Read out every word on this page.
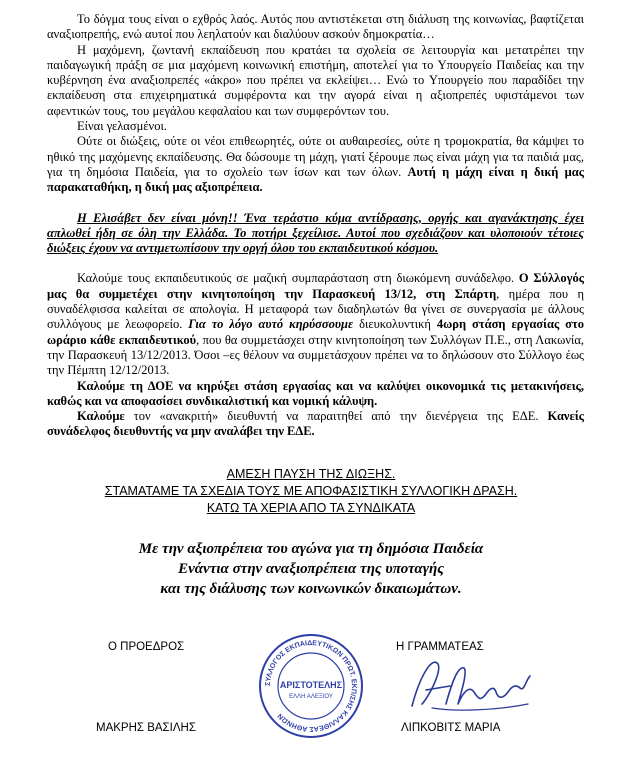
Το δόγμα τους είναι ο εχθρός λαός. Αυτός που αντιστέκεται στη διάλυση της κοινωνίας, βαφτίζεται αναξιοπρεπής, ενώ αυτοί που λεηλατούν και διαλύουν ασκούν δημοκρατία…

Η μαχόμενη, ζωντανή εκπαίδευση που κρατάει τα σχολεία σε λειτουργία και μετατρέπει την παιδαγωγική πράξη σε μια μαχόμενη κοινωνική επιστήμη, αποτελεί για το Υπουργείο Παιδείας και την κυβέρνηση ένα αναξιοπρεπές «άκρο» που πρέπει να εκλείψει… Ενώ το Υπουργείο που παραδίδει την εκπαίδευση στα επιχειρηματικά συμφέροντα και την αγορά είναι η αξιοπρεπές υφιστάμενοι των αφεντικών τους, του μεγάλου κεφαλαίου και των συμφερόντων του.

Είναι γελασμένοι.

Ούτε οι διώξεις, ούτε οι νέοι επιθεωρητές, ούτε οι αυθαιρεσίες, ούτε η τρομοκρατία, θα κάμψει το ηθικό της μαχόμενης εκπαίδευσης. Θα δώσουμε τη μάχη, γιατί ξέρουμε πως είναι μάχη για τα παιδιά μας, για τη δημόσια Παιδεία, για το σχολείο των ίσων και των όλων. Αυτή η μάχη είναι η δική μας παρακαταθήκη, η δική μας αξιοπρέπεια.

Η Ελισάβετ δεν είναι μόνη!! Ένα τεράστιο κύμα αντίδρασης, οργής και αγανάκτησης έχει απλωθεί ήδη σε όλη την Ελλάδα. Το ποτήρι ξεχείλισε. Αυτοί που σχεδιάζουν και υλοποιούν τέτοιες διώξεις έχουν να αντιμετωπίσουν την οργή όλου του εκπαιδευτικού κόσμου.

Καλούμε τους εκπαιδευτικούς σε μαζική συμπαράσταση στη διωκόμενη συνάδελφο. Ο Σύλλογός μας θα συμμετέχει στην κινητοποίηση την Παρασκευή 13/12, στη Σπάρτη, ημέρα που η συναδέλφισσα καλείται σε απολογία. Η μεταφορά των διαδηλωτών θα γίνει σε συνεργασία με άλλους συλλόγους με λεωφορείο. Για το λόγο αυτό κηρύσσουμε διευκολυντική 4ωρη στάση εργασίας στο ωράριο κάθε εκπαιδευτικού, που θα συμμετάσχει στην κινητοποίηση των Συλλόγων Π.Ε., στη Λακωνία, την Παρασκευή 13/12/2013. Όσοι –ες θέλουν να συμμετάσχουν πρέπει να το δηλώσουν στο Σύλλογο έως την Πέμπτη 12/12/2013.

Καλούμε τη ΔΟΕ να κηρύξει στάση εργασίας και να καλύψει οικονομικά τις μετακινήσεις, καθώς και να αποφασίσει συνδικαλιστική και νομική κάλυψη.

Καλούμε τον «ανακριτή» διευθυντή να παραιτηθεί από την διενέργεια της ΕΔΕ. Κανείς συνάδελφος διευθυντής να μην αναλάβει την ΕΔΕ.

ΑΜΕΣΗ ΠΑΥΣΗ ΤΗΣ ΔΙΩΞΗΣ.
ΣΤΑΜΑΤΑΜΕ ΤΑ ΣΧΕΔΙΑ ΤΟΥΣ ΜΕ ΑΠΟΦΑΣΙΣΤΙΚΗ ΣΥΛΛΟΓΙΚΗ ΔΡΑΣΗ.
ΚΑΤΩ ΤΑ ΧΕΡΙΑ ΑΠΟ ΤΑ ΣΥΝΔΙΚΑΤΑ
Με την αξιοπρέπεια του αγώνα για τη δημόσια Παιδεία
Ενάντια στην αναξιοπρέπεια της υποταγής
και της διάλυσης των κοινωνικών δικαιωμάτων.
Ο ΠΡΟΕΔΡΟΣ	Η ΓΡΑΜΜΑΤΕΑΣ
ΣΥΛΛΟΓΟΣ ΕΚΠΑΙΔΕΥΤΙΚΩΝ ΠΡΩΤ. ΕΚΠ/ΣΗΣ ΚΑΛΛΙΘΕΑΣ ΑΘΗΝΩΝ
ΑΡΙΣΤΟΤΕΛΗΣ
ΕΛΛΗ ΑΛΕΞΙΟΥ
ΜΑΚΡΗΣ ΒΑΣΙΛΗΣ	ΛΙΠΚΟΒΙΤΣ ΜΑΡΙΑ
